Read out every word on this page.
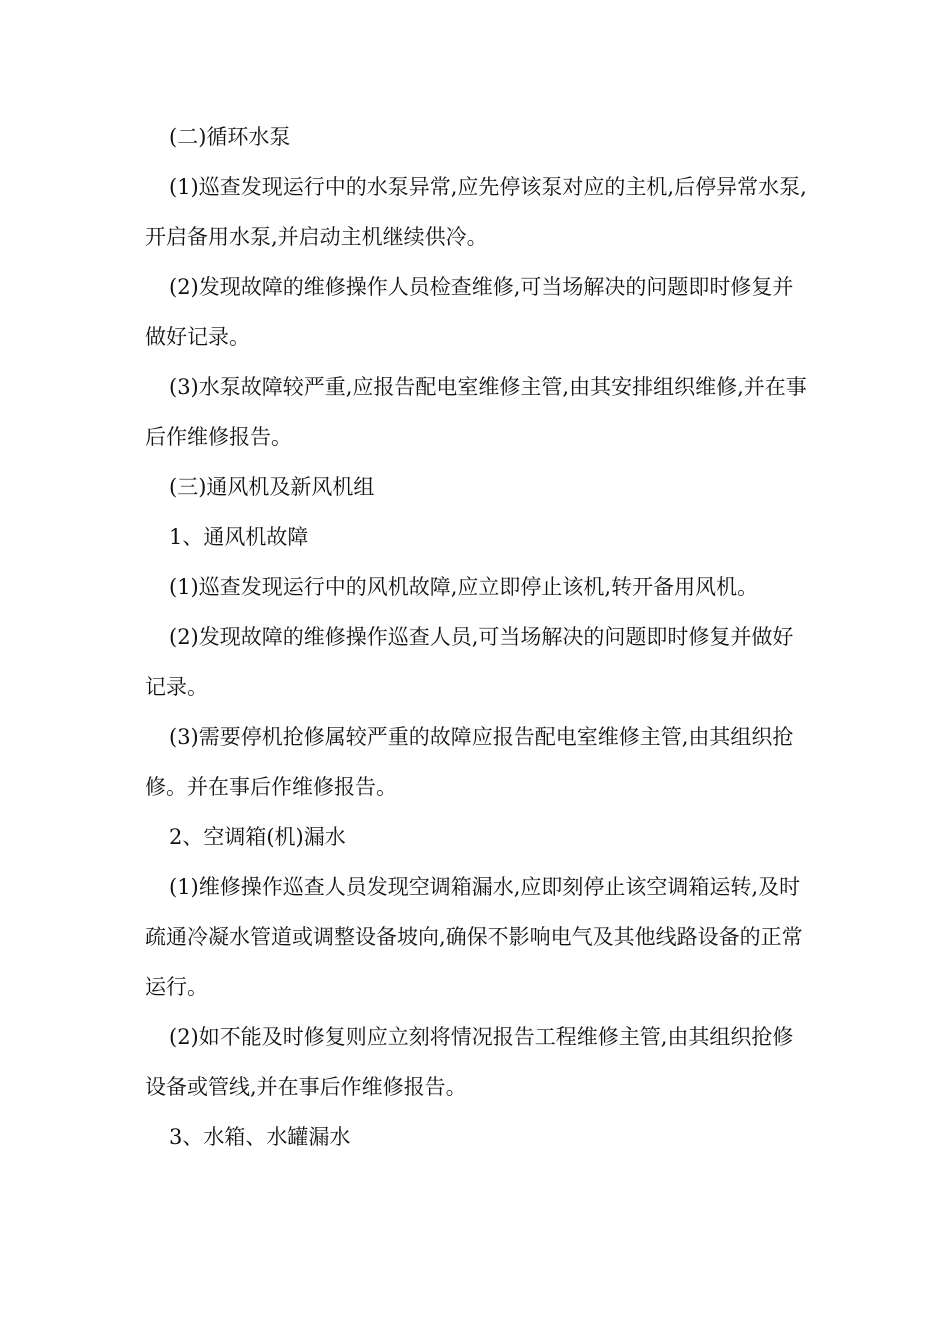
(二)循环水泵

(1)巡查发现运行中的水泵异常,应先停该泵对应的主机,后停异常水泵,开启备用水泵,并启动主机继续供冷。

(2)发现故障的维修操作人员检查维修,可当场解决的问题即时修复并做好记录。

(3)水泵故障较严重,应报告配电室维修主管,由其安排组织维修,并在事后作维修报告。

(三)通风机及新风机组

1、通风机故障

(1)巡查发现运行中的风机故障,应立即停止该机,转开备用风机。

(2)发现故障的维修操作巡查人员,可当场解决的问题即时修复并做好记录。

(3)需要停机抢修属较严重的故障应报告配电室维修主管,由其组织抢修。并在事后作维修报告。

2、空调箱(机)漏水

(1)维修操作巡查人员发现空调箱漏水,应即刻停止该空调箱运转,及时疏通冷凝水管道或调整设备坡向,确保不影响电气及其他线路设备的正常运行。

(2)如不能及时修复则应立刻将情况报告工程维修主管,由其组织抢修设备或管线,并在事后作维修报告。

3、水箱、水罐漏水
